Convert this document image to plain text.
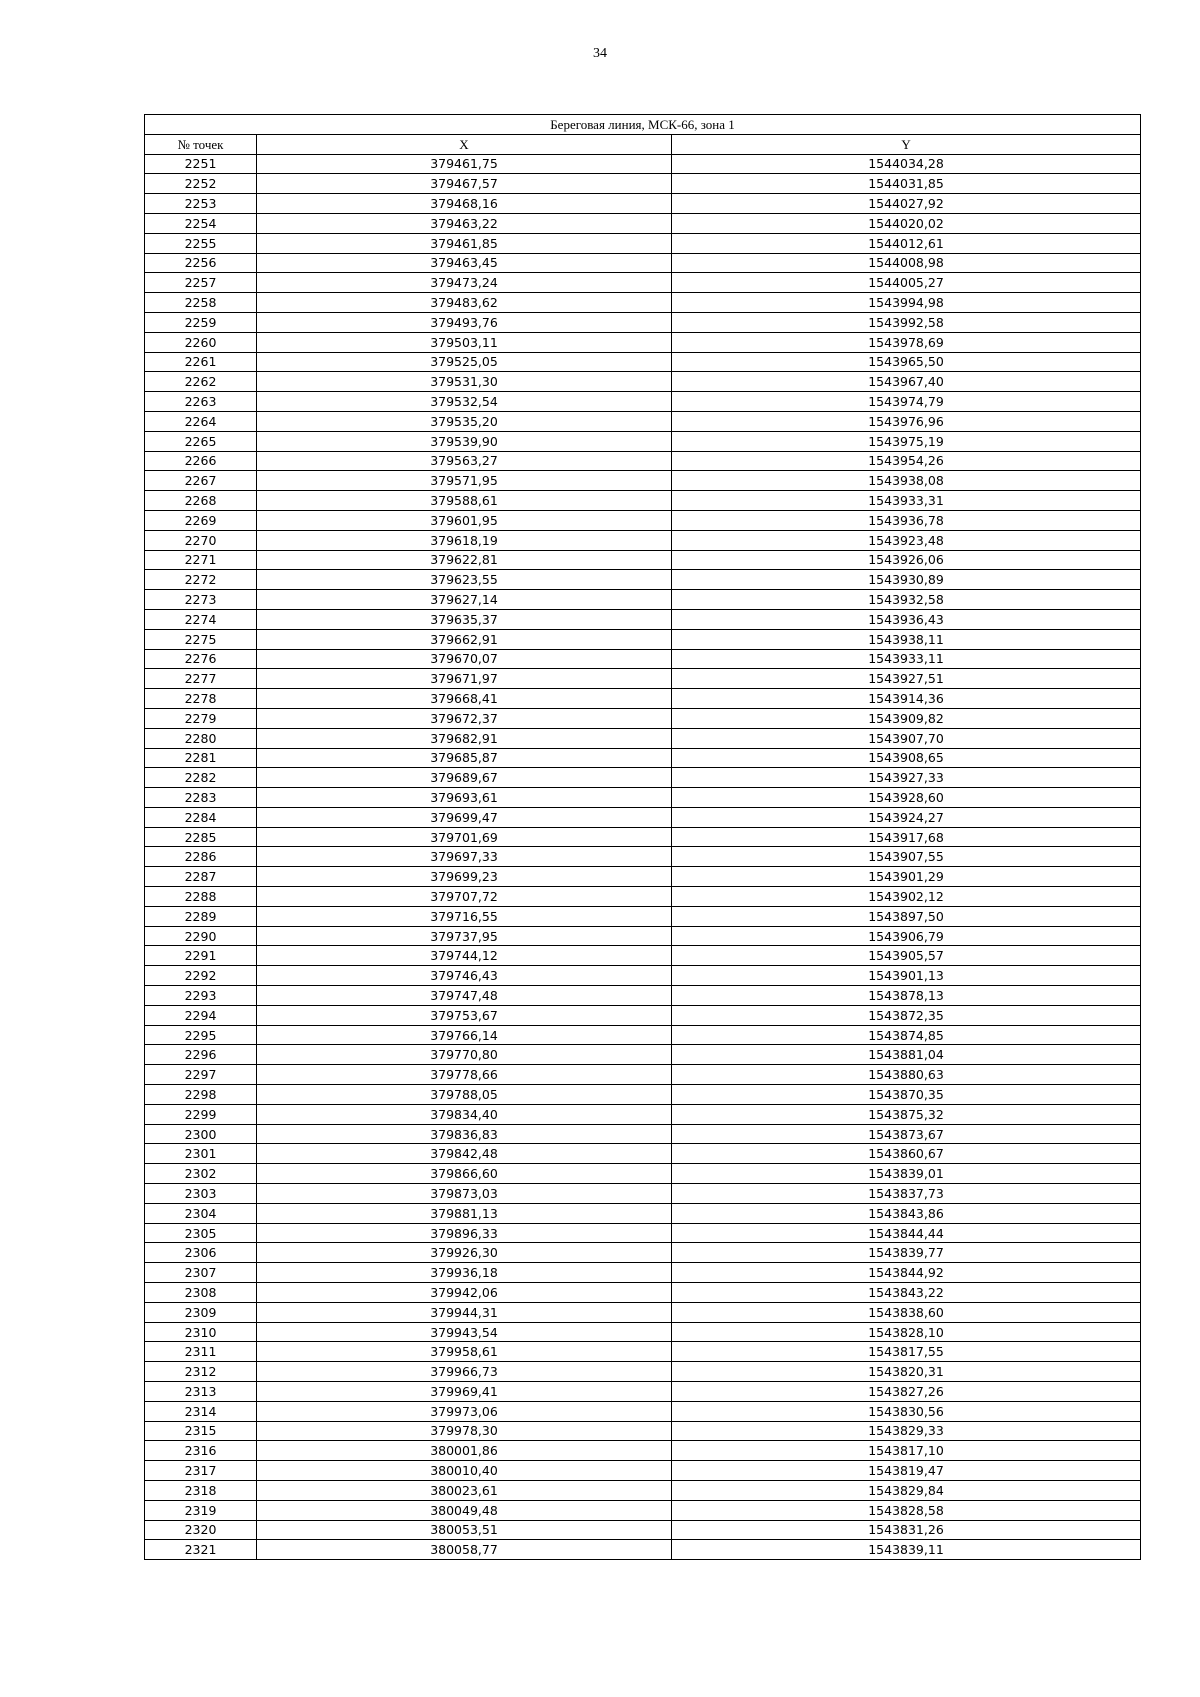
34
Береговая линия, МСК-66, зона 1		
№ точек	X	Y
2251	379461,75	1544034,28
2252	379467,57	1544031,85
2253	379468,16	1544027,92
2254	379463,22	1544020,02
2255	379461,85	1544012,61
2256	379463,45	1544008,98
2257	379473,24	1544005,27
2258	379483,62	1543994,98
2259	379493,76	1543992,58
2260	379503,11	1543978,69
2261	379525,05	1543965,50
2262	379531,30	1543967,40
2263	379532,54	1543974,79
2264	379535,20	1543976,96
2265	379539,90	1543975,19
2266	379563,27	1543954,26
2267	379571,95	1543938,08
2268	379588,61	1543933,31
2269	379601,95	1543936,78
2270	379618,19	1543923,48
2271	379622,81	1543926,06
2272	379623,55	1543930,89
2273	379627,14	1543932,58
2274	379635,37	1543936,43
2275	379662,91	1543938,11
2276	379670,07	1543933,11
2277	379671,97	1543927,51
2278	379668,41	1543914,36
2279	379672,37	1543909,82
2280	379682,91	1543907,70
2281	379685,87	1543908,65
2282	379689,67	1543927,33
2283	379693,61	1543928,60
2284	379699,47	1543924,27
2285	379701,69	1543917,68
2286	379697,33	1543907,55
2287	379699,23	1543901,29
2288	379707,72	1543902,12
2289	379716,55	1543897,50
2290	379737,95	1543906,79
2291	379744,12	1543905,57
2292	379746,43	1543901,13
2293	379747,48	1543878,13
2294	379753,67	1543872,35
2295	379766,14	1543874,85
2296	379770,80	1543881,04
2297	379778,66	1543880,63
2298	379788,05	1543870,35
2299	379834,40	1543875,32
2300	379836,83	1543873,67
2301	379842,48	1543860,67
2302	379866,60	1543839,01
2303	379873,03	1543837,73
2304	379881,13	1543843,86
2305	379896,33	1543844,44
2306	379926,30	1543839,77
2307	379936,18	1543844,92
2308	379942,06	1543843,22
2309	379944,31	1543838,60
2310	379943,54	1543828,10
2311	379958,61	1543817,55
2312	379966,73	1543820,31
2313	379969,41	1543827,26
2314	379973,06	1543830,56
2315	379978,30	1543829,33
2316	380001,86	1543817,10
2317	380010,40	1543819,47
2318	380023,61	1543829,84
2319	380049,48	1543828,58
2320	380053,51	1543831,26
2321	380058,77	1543839,11
